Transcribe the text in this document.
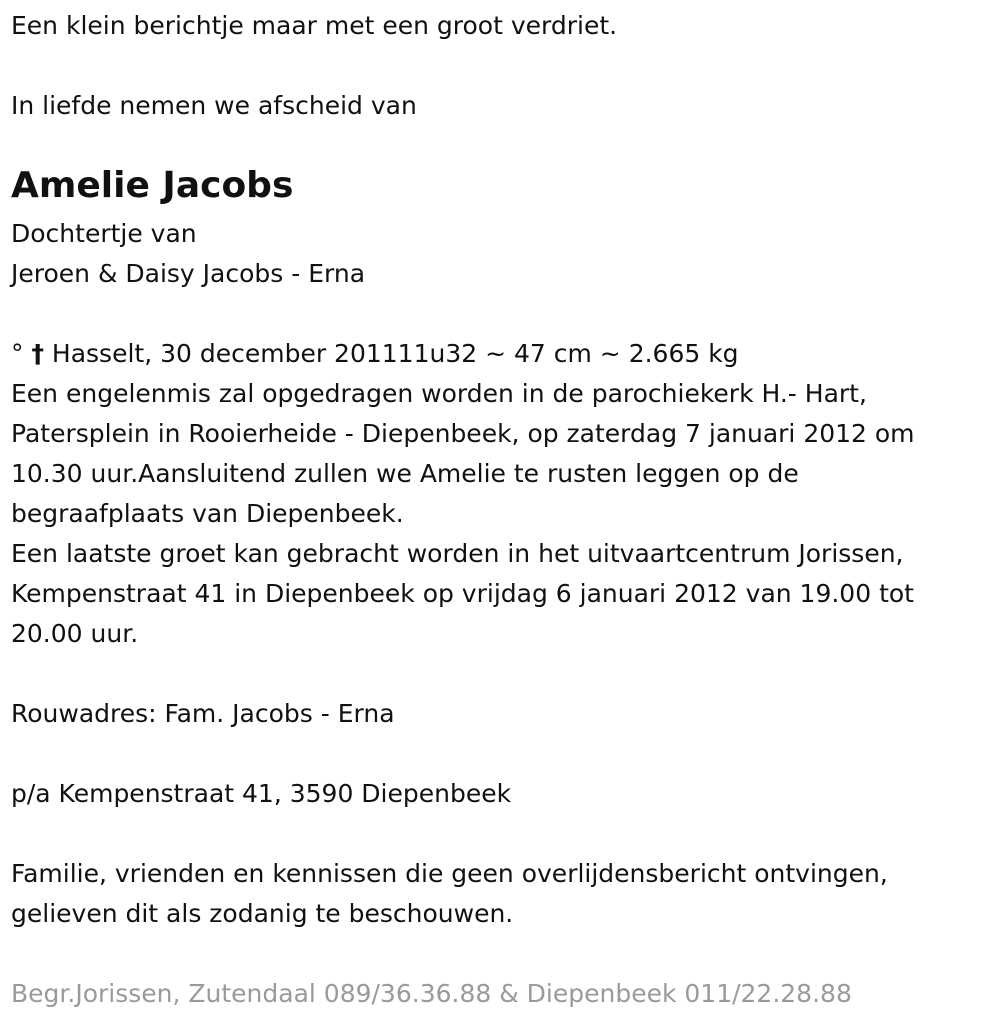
Een klein berichtje maar met een groot verdriet.

In liefde nemen we afscheid van

Amelie Jacobs

Dochtertje van

Jeroen & Daisy Jacobs - Erna

° † Hasselt, 30 december 201111u32 ~ 47 cm ~ 2.665 kg

Een engelenmis zal opgedragen worden in de parochiekerk H.- Hart,

Patersplein in Rooierheide - Diepenbeek, op zaterdag 7 januari 2012 om

10.30 uur.Aansluitend zullen we Amelie te rusten leggen op de

begraafplaats van Diepenbeek.

Een laatste groet kan gebracht worden in het uitvaartcentrum Jorissen,

Kempenstraat 41 in Diepenbeek op vrijdag 6 januari 2012 van 19.00 tot

20.00 uur.

Rouwadres: Fam. Jacobs - Erna

p/a Kempenstraat 41, 3590 Diepenbeek

Familie, vrienden en kennissen die geen overlijdensbericht ontvingen,

gelieven dit als zodanig te beschouwen.

Begr.Jorissen, Zutendaal 089/36.36.88 & Diepenbeek 011/22.28.88
